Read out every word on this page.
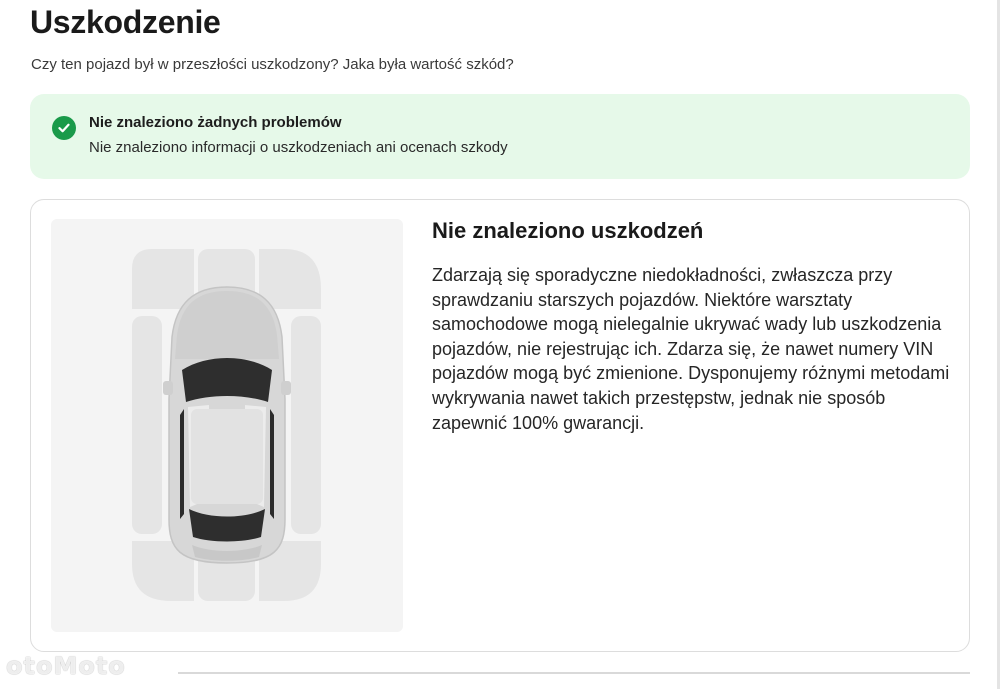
Uszkodzenie
Czy ten pojazd był w przeszłości uszkodzony? Jaka była wartość szkód?
Nie znaleziono żadnych problemów
Nie znaleziono informacji o uszkodzeniach ani ocenach szkody
Nie znaleziono uszkodzeń

Zdarzają się sporadyczne niedokładności, zwłaszcza przy sprawdzaniu starszych pojazdów. Niektóre warsztaty samochodowe mogą nielegalnie ukrywać wady lub uszkodzenia pojazdów, nie rejestrując ich. Zdarza się, że nawet numery VIN pojazdów mogą być zmienione. Dysponujemy różnymi metodami wykrywania nawet takich przestępstw, jednak nie sposób zapewnić 100% gwarancji.

otoMoto
